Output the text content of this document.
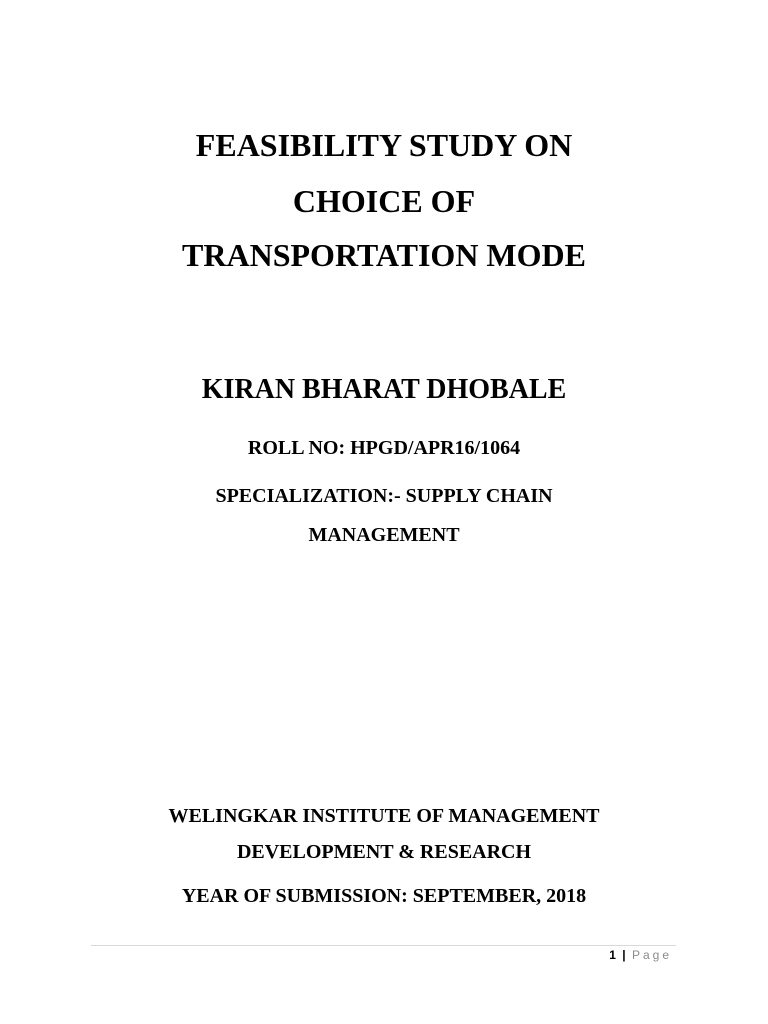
FEASIBILITY STUDY ON
CHOICE OF
TRANSPORTATION MODE
KIRAN BHARAT DHOBALE
ROLL NO: HPGD/APR16/1064
SPECIALIZATION:- SUPPLY CHAIN
MANAGEMENT
WELINGKAR INSTITUTE OF MANAGEMENT
DEVELOPMENT & RESEARCH
YEAR OF SUBMISSION: SEPTEMBER, 2018
1 | Page
